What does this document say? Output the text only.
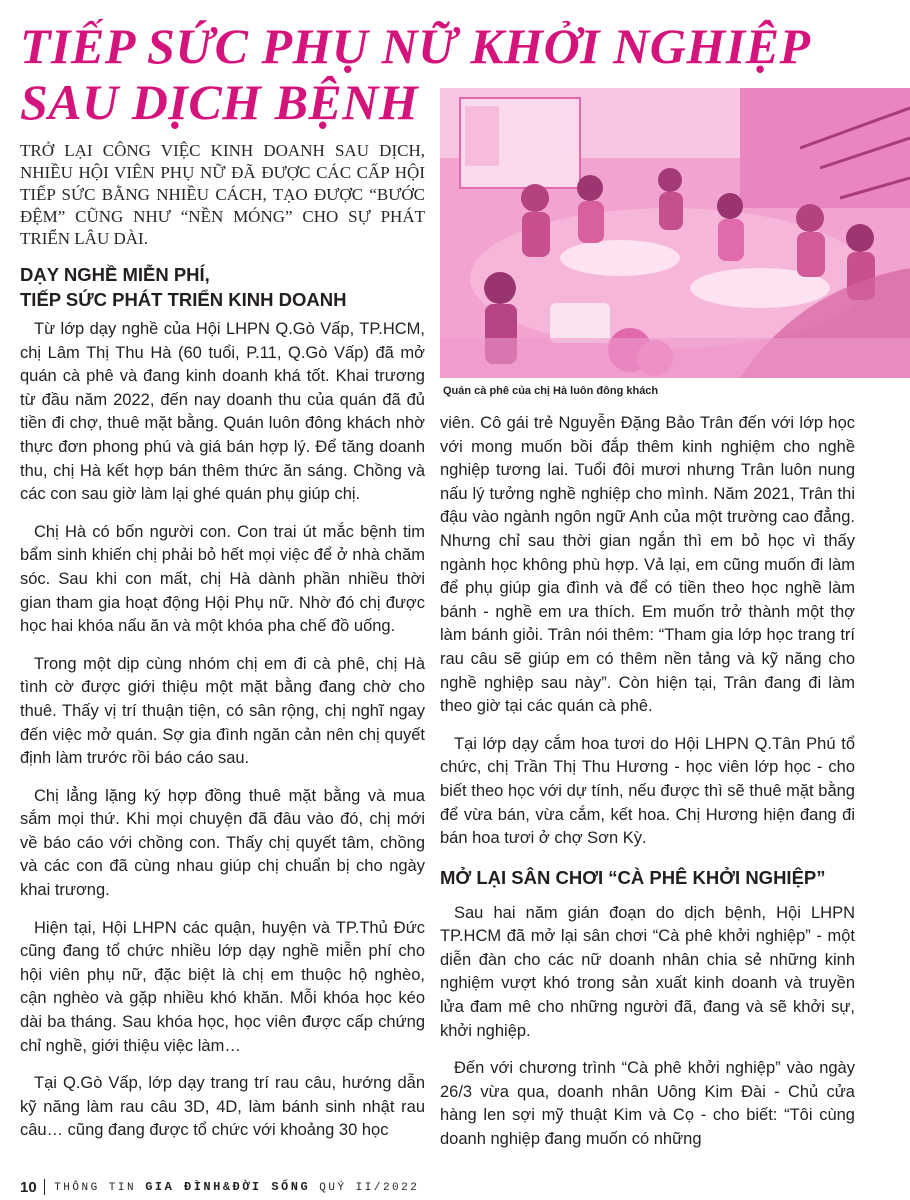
TIẾP SỨC PHỤ NỮ KHỞI NGHIỆP
SAU DỊCH BỆNH
TRỞ LẠI CÔNG VIỆC KINH DOANH SAU DỊCH, NHIỀU HỘI VIÊN PHỤ NỮ ĐÃ ĐƯỢC CÁC CẤP HỘI TIẾP SỨC BẰNG NHIỀU CÁCH, TẠO ĐƯỢC “BƯỚC ĐỆM” CŨNG NHƯ “NỀN MÓNG” CHO SỰ PHÁT TRIỂN LÂU DÀI.
DẠY NGHỀ MIỄN PHÍ,
TIẾP SỨC PHÁT TRIỂN KINH DOANH

Từ lớp dạy nghề của Hội LHPN Q.Gò Vấp, TP.HCM, chị Lâm Thị Thu Hà (60 tuổi, P.11, Q.Gò Vấp) đã mở quán cà phê và đang kinh doanh khá tốt. Khai trương từ đầu năm 2022, đến nay doanh thu của quán đã đủ tiền đi chợ, thuê mặt bằng. Quán luôn đông khách nhờ thực đơn phong phú và giá bán hợp lý. Để tăng doanh thu, chị Hà kết hợp bán thêm thức ăn sáng. Chồng và các con sau giờ làm lại ghé quán phụ giúp chị.

Chị Hà có bốn người con. Con trai út mắc bệnh tim bẩm sinh khiến chị phải bỏ hết mọi việc để ở nhà chăm sóc. Sau khi con mất, chị Hà dành phần nhiều thời gian tham gia hoạt động Hội Phụ nữ. Nhờ đó chị được học hai khóa nấu ăn và một khóa pha chế đồ uống.

Trong một dịp cùng nhóm chị em đi cà phê, chị Hà tình cờ được giới thiệu một mặt bằng đang chờ cho thuê. Thấy vị trí thuận tiện, có sân rộng, chị nghĩ ngay đến việc mở quán. Sợ gia đình ngăn cản nên chị quyết định làm trước rồi báo cáo sau.

Chị lẳng lặng ký hợp đồng thuê mặt bằng và mua sắm mọi thứ. Khi mọi chuyện đã đâu vào đó, chị mới về báo cáo với chồng con. Thấy chị quyết tâm, chồng và các con đã cùng nhau giúp chị chuẩn bị cho ngày khai trương.

Hiện tại, Hội LHPN các quận, huyện và TP.Thủ Đức cũng đang tổ chức nhiều lớp dạy nghề miễn phí cho hội viên phụ nữ, đặc biệt là chị em thuộc hộ nghèo, cận nghèo và gặp nhiều khó khăn. Mỗi khóa học kéo dài ba tháng. Sau khóa học, học viên được cấp chứng chỉ nghề, giới thiệu việc làm…

Tại Q.Gò Vấp, lớp dạy trang trí rau câu, hướng dẫn kỹ năng làm rau câu 3D, 4D, làm bánh sinh nhật rau câu… cũng đang được tổ chức với khoảng 30 học

Quán cà phê của chị Hà luôn đông khách

viên. Cô gái trẻ Nguyễn Đặng Bảo Trân đến với lớp học với mong muốn bồi đắp thêm kinh nghiệm cho nghề nghiệp tương lai. Tuổi đôi mươi nhưng Trân luôn nung nấu lý tưởng nghề nghiệp cho mình. Năm 2021, Trân thi đậu vào ngành ngôn ngữ Anh của một trường cao đẳng. Nhưng chỉ sau thời gian ngắn thì em bỏ học vì thấy ngành học không phù hợp. Vả lại, em cũng muốn đi làm để phụ giúp gia đình và để có tiền theo học nghề làm bánh - nghề em ưa thích. Em muốn trở thành một thợ làm bánh giỏi. Trân nói thêm: “Tham gia lớp học trang trí rau câu sẽ giúp em có thêm nền tảng và kỹ năng cho nghề nghiệp sau này”. Còn hiện tại, Trân đang đi làm theo giờ tại các quán cà phê.

Tại lớp dạy cắm hoa tươi do Hội LHPN Q.Tân Phú tổ chức, chị Trần Thị Thu Hương - học viên lớp học - cho biết theo học với dự tính, nếu được thì sẽ thuê mặt bằng để vừa bán, vừa cắm, kết hoa. Chị Hương hiện đang đi bán hoa tươi ở chợ Sơn Kỳ.

MỞ LẠI SÂN CHƠI “CÀ PHÊ KHỞI NGHIỆP”

Sau hai năm gián đoạn do dịch bệnh, Hội LHPN TP.HCM đã mở lại sân chơi “Cà phê khởi nghiệp” - một diễn đàn cho các nữ doanh nhân chia sẻ những kinh nghiệm vượt khó trong sản xuất kinh doanh và truyền lửa đam mê cho những người đã, đang và sẽ khởi sự, khởi nghiệp.

Đến với chương trình “Cà phê khởi nghiệp” vào ngày 26/3 vừa qua, doanh nhân Uông Kim Đài - Chủ cửa hàng len sợi mỹ thuật Kim và Cọ - cho biết: “Tôi cùng doanh nghiệp đang muốn có những

10 THÔNG TIN GIA ĐÌNH&ĐỜI SỐNG QUÝ II/2022
